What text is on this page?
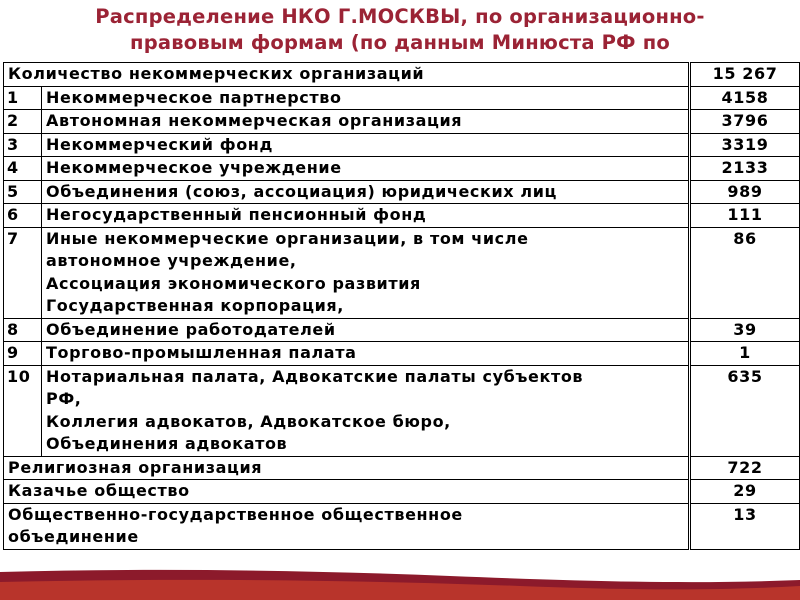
Распределение НКО Г.МОСКВЫ, по организационно-
правовым формам (по данным Минюста РФ по
Количество некоммерческих организаций		15 267
1	Некоммерческое партнерство	4158
2	Автономная некоммерческая организация	3796
3	Некоммерческий фонд	3319
4	Некоммерческое учреждение	2133
5	Объединения (союз, ассоциация) юридических лиц	989
6	Негосударственный пенсионный фонд	111
7	Иные некоммерческие организации, в том числе
автономное учреждение,
Ассоциация экономического развития
Государственная корпорация,	86
8	Объединение работодателей	39
9	Торгово-промышленная палата	1
10	Нотариальная палата, Адвокатские палаты субъектов
РФ,
Коллегия адвокатов, Адвокатское бюро,
Объединения адвокатов	635

Религиозная организация		722

Казачье общество		29

Общественно-государственное общественное
объединение		13
